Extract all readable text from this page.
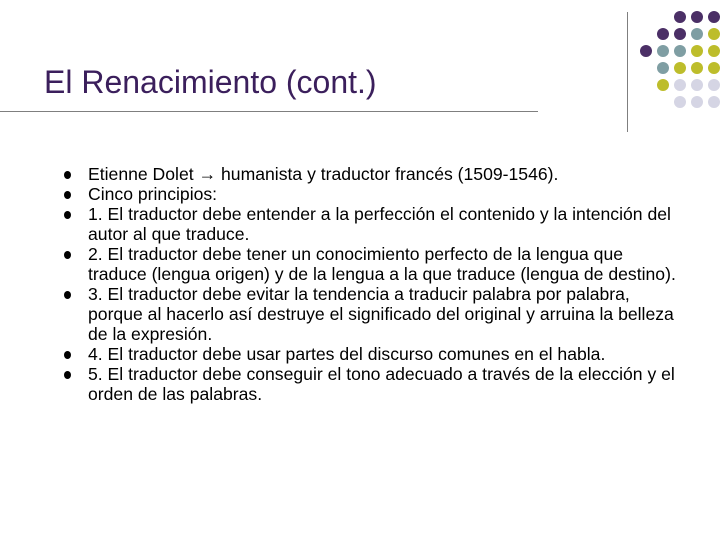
El Renacimiento (cont.)
Etienne Dolet → humanista y traductor francés (1509-1546).
Cinco principios:
1. El traductor debe entender a la perfección el contenido y la intención del autor al que traduce.
2. El traductor debe tener un conocimiento perfecto de la lengua que traduce (lengua origen) y de la lengua a la que traduce (lengua de destino).
3. El traductor debe evitar la tendencia a traducir palabra por palabra, porque al hacerlo así destruye el significado del original y arruina la belleza de la expresión.
4. El traductor debe usar partes del discurso comunes en el habla.
5. El traductor debe conseguir el tono adecuado a través de la elección y el orden de las palabras.
